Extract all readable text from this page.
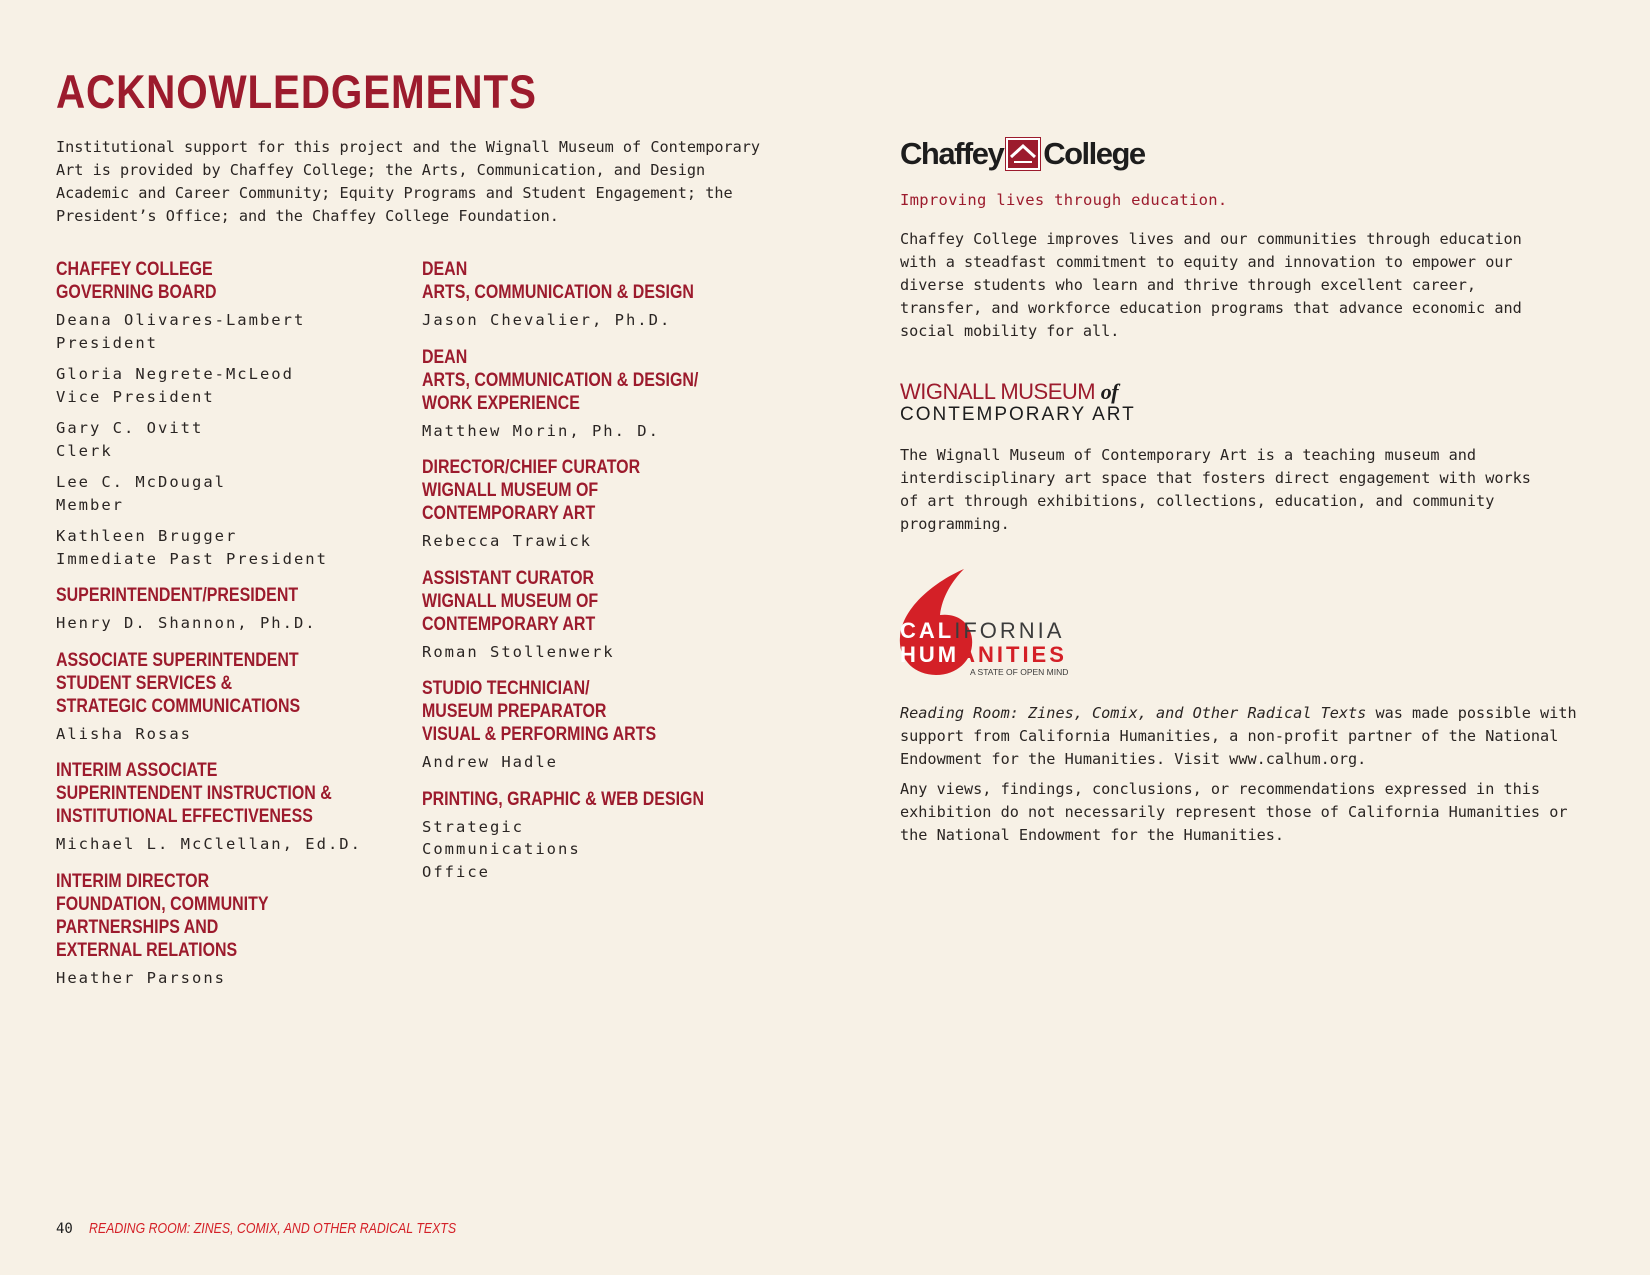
ACKNOWLEDGEMENTS

Institutional support for this project and the Wignall Museum of Contemporary Art is provided by Chaffey College; the Arts, Communication, and Design Academic and Career Community; Equity Programs and Student Engagement; the President’s Office; and the Chaffey College Foundation.

CHAFFEY COLLEGE
GOVERNING BOARD
Deana Olivares-Lambert
President
Gloria Negrete-McLeod
Vice President
Gary C. Ovitt
Clerk
Lee C. McDougal
Member
Kathleen Brugger
Immediate Past President
SUPERINTENDENT/PRESIDENT
Henry D. Shannon, Ph.D.
ASSOCIATE SUPERINTENDENT
STUDENT SERVICES &
STRATEGIC COMMUNICATIONS
Alisha Rosas
INTERIM ASSOCIATE
SUPERINTENDENT INSTRUCTION &
INSTITUTIONAL EFFECTIVENESS
Michael L. McClellan, Ed.D.
INTERIM DIRECTOR
FOUNDATION, COMMUNITY
PARTNERSHIPS AND
EXTERNAL RELATIONS
Heather Parsons
DEAN
ARTS, COMMUNICATION & DESIGN
Jason Chevalier, Ph.D.
DEAN
ARTS, COMMUNICATION & DESIGN/
WORK EXPERIENCE
Matthew Morin, Ph. D.
DIRECTOR/CHIEF CURATOR
WIGNALL MUSEUM OF
CONTEMPORARY ART
Rebecca Trawick
ASSISTANT CURATOR
WIGNALL MUSEUM OF
CONTEMPORARY ART
Roman Stollenwerk
STUDIO TECHNICIAN/
MUSEUM PREPARATOR
VISUAL & PERFORMING ARTS
Andrew Hadle
PRINTING, GRAPHIC & WEB DESIGN
Strategic
Communications
Office
Chaffey College

Improving lives through education.

Chaffey College improves lives and our communities through education with a steadfast commitment to equity and innovation to empower our diverse students who learn and thrive through excellent career, transfer, and workforce education programs that advance economic and social mobility for all.

WIGNALL MUSEUM of
CONTEMPORARY ART

The Wignall Museum of Contemporary Art is a teaching museum and interdisciplinary art space that fosters direct engagement with works of art through exhibitions, collections, education, and community programming.

CALIFORNIA
HUMANITIES
A STATE OF OPEN MIND

Reading Room: Zines, Comix, and Other Radical Texts was made possible with support from California Humanities, a non-profit partner of the National Endowment for the Humanities. Visit www.calhum.org.

Any views, findings, conclusions, or recommendations expressed in this exhibition do not necessarily represent those of California Humanities or the National Endowment for the Humanities.

40 READING ROOM: ZINES, COMIX, AND OTHER RADICAL TEXTS
